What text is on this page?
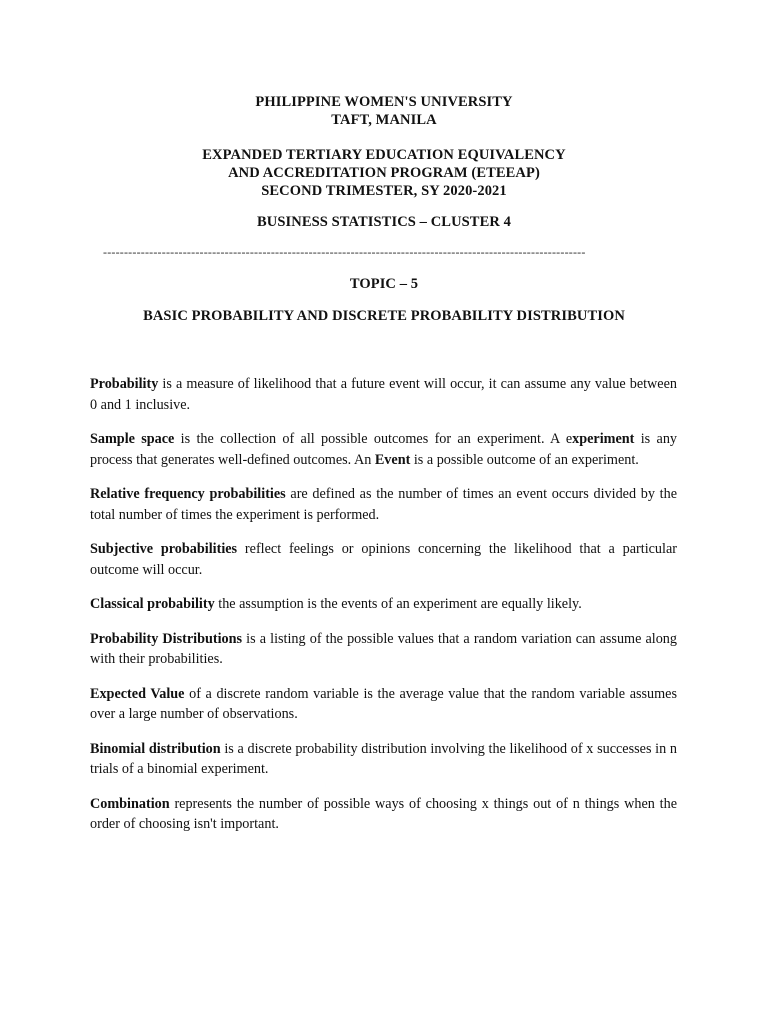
PHILIPPINE WOMEN'S UNIVERSITY
TAFT, MANILA
EXPANDED TERTIARY EDUCATION EQUIVALENCY
AND ACCREDITATION PROGRAM (ETEEAP)
SECOND TRIMESTER, SY 2020-2021
BUSINESS STATISTICS – CLUSTER 4
-------------------------------------------------------------------------------------------------------------------
TOPIC – 5
BASIC PROBABILITY AND DISCRETE PROBABILITY DISTRIBUTION

Probability is a measure of likelihood that a future event will occur, it can assume any value between 0 and 1 inclusive.

Sample space is the collection of all possible outcomes for an experiment. A experiment is any process that generates well-defined outcomes. An Event is a possible outcome of an experiment.

Relative frequency probabilities are defined as the number of times an event occurs divided by the total number of times the experiment is performed.

Subjective probabilities reflect feelings or opinions concerning the likelihood that a particular outcome will occur.

Classical probability the assumption is the events of an experiment are equally likely.

Probability Distributions is a listing of the possible values that a random variation can assume along with their probabilities.

Expected Value of a discrete random variable is the average value that the random variable assumes over a large number of observations.

Binomial distribution is a discrete probability distribution involving the likelihood of x successes in n trials of a binomial experiment.

Combination represents the number of possible ways of choosing x things out of n things when the order of choosing isn't important.
